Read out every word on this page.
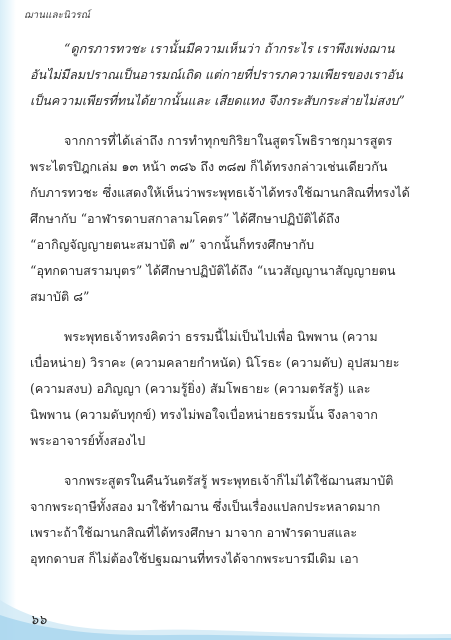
ฌานและนิวรณ์

“ดูกรภารทวชะ เรานั้นมีความเห็นว่า ถ้ากระไร เราพึงเพ่งฌาน
อันไม่มีลมปราณเป็นอารมณ์เถิด แต่กายที่ปรารภความเพียรของเราอัน
เป็นความเพียรที่ทนได้ยากนั้นและ เสียดแทง จึงกระสับกระส่ายไม่สงบ”

จากการที่ได้เล่าถึง การทำทุกขกิริยาในสูตรโพธิราชกุมารสูตร
พระไตรปิฎกเล่ม ๑๓ หน้า ๓๘๖ ถึง ๓๘๗ ก็ได้ทรงกล่าวเช่นเดียวกัน
กับภารทวชะ ซึ่งแสดงให้เห็นว่าพระพุทธเจ้าได้ทรงใช้ฌานกสิณที่ทรงได้
ศึกษากับ “อาฬารดาบสกาลามโคตร” ได้ศึกษาปฏิบัติได้ถึง
“อากิญจัญญายตนะสมาบัติ ๗” จากนั้นก็ทรงศึกษากับ
“อุทกดาบสรามบุตร” ได้ศึกษาปฏิบัติได้ถึง “เนวสัญญานาสัญญายตน
สมาบัติ ๘”

พระพุทธเจ้าทรงคิดว่า ธรรมนี้ไม่เป็นไปเพื่อ นิพพาน (ความ
เบื่อหน่าย) วิราคะ (ความคลายกำหนัด) นิโรธะ (ความดับ) อุปสมายะ
(ความสงบ) อภิญญา (ความรู้ยิ่ง) สัมโพธายะ (ความตรัสรู้) และ
นิพพาน (ความดับทุกข์) ทรงไม่พอใจเบื่อหน่ายธรรมนั้น จึงลาจาก
พระอาจารย์ทั้งสองไป

จากพระสูตรในคืนวันตรัสรู้ พระพุทธเจ้าก็ไม่ได้ใช้ฌานสมาบัติ
จากพระฤาษีทั้งสอง มาใช้ทำฌาน ซึ่งเป็นเรื่องแปลกประหลาดมาก
เพราะถ้าใช้ฌานกสิณที่ได้ทรงศึกษา มาจาก อาฬารดาบสและ
อุทกดาบส ก็ไม่ต้องใช้ปฐมฌานที่ทรงได้จากพระบารมีเดิม เอา

๖๖
